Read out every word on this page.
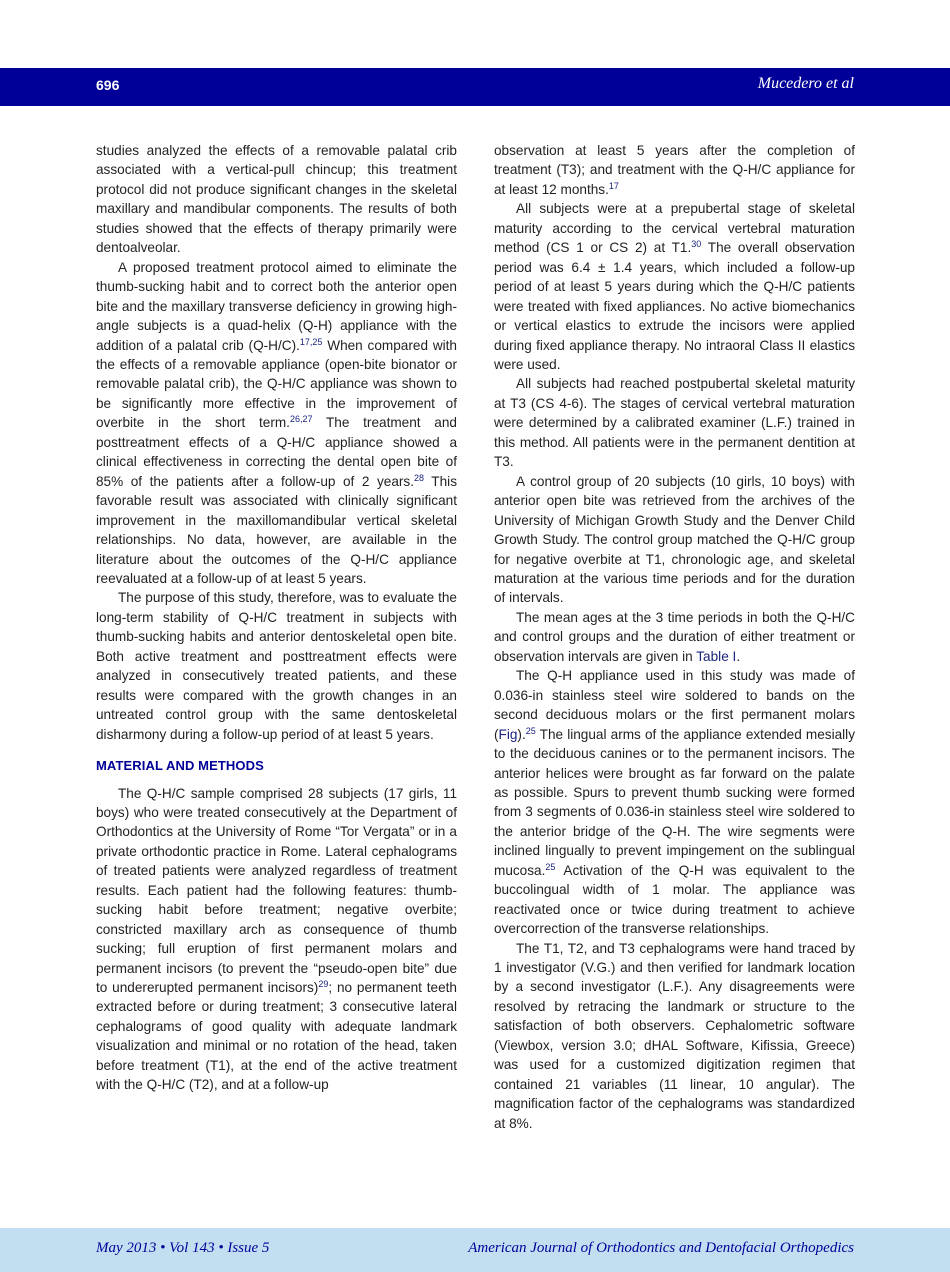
696	Mucedero et al

studies analyzed the effects of a removable palatal crib associated with a vertical-pull chincup; this treatment protocol did not produce significant changes in the skeletal maxillary and mandibular components. The results of both studies showed that the effects of therapy primarily were dentoalveolar.

A proposed treatment protocol aimed to eliminate the thumb-sucking habit and to correct both the anterior open bite and the maxillary transverse deficiency in growing high-angle subjects is a quad-helix (Q-H) appliance with the addition of a palatal crib (Q-H/C).$^{17,25}$ When compared with the effects of a removable appliance (open-bite bionator or removable palatal crib), the Q-H/C appliance was shown to be significantly more effective in the improvement of overbite in the short term.$^{26,27}$ The treatment and posttreatment effects of a Q-H/C appliance showed a clinical effectiveness in correcting the dental open bite of 85% of the patients after a follow-up of 2 years.$^{28}$ This favorable result was associated with clinically significant improvement in the maxillomandibular vertical skeletal relationships. No data, however, are available in the literature about the outcomes of the Q-H/C appliance reevaluated at a follow-up of at least 5 years.

The purpose of this study, therefore, was to evaluate the long-term stability of Q-H/C treatment in subjects with thumb-sucking habits and anterior dentoskeletal open bite. Both active treatment and posttreatment effects were analyzed in consecutively treated patients, and these results were compared with the growth changes in an untreated control group with the same dentoskeletal disharmony during a follow-up period of at least 5 years.

MATERIAL AND METHODS

The Q-H/C sample comprised 28 subjects (17 girls, 11 boys) who were treated consecutively at the Department of Orthodontics at the University of Rome “Tor Vergata” or in a private orthodontic practice in Rome. Lateral cephalograms of treated patients were analyzed regardless of treatment results. Each patient had the following features: thumb-sucking habit before treatment; negative overbite; constricted maxillary arch as consequence of thumb sucking; full eruption of first permanent molars and permanent incisors (to prevent the “pseudo-open bite” due to undererupted permanent incisors)$^{29}$; no permanent teeth extracted before or during treatment; 3 consecutive lateral cephalograms of good quality with adequate landmark visualization and minimal or no rotation of the head, taken before treatment (T1), at the end of the active treatment with the Q-H/C (T2), and at a follow-up

observation at least 5 years after the completion of treatment (T3); and treatment with the Q-H/C appliance for at least 12 months.$^{17}$

All subjects were at a prepubertal stage of skeletal maturity according to the cervical vertebral maturation method (CS 1 or CS 2) at T1.30 The overall observation period was 6.4 ± 1.4 years, which included a follow-up period of at least 5 years during which the Q-H/C patients were treated with fixed appliances. No active biomechanics or vertical elastics to extrude the incisors were applied during fixed appliance therapy. No intraoral Class II elastics were used.

All subjects had reached postpubertal skeletal maturity at T3 (CS 4-6). The stages of cervical vertebral maturation were determined by a calibrated examiner (L.F.) trained in this method. All patients were in the permanent dentition at T3.

A control group of 20 subjects (10 girls, 10 boys) with anterior open bite was retrieved from the archives of the University of Michigan Growth Study and the Denver Child Growth Study. The control group matched the Q-H/C group for negative overbite at T1, chronologic age, and skeletal maturation at the various time periods and for the duration of intervals.

The mean ages at the 3 time periods in both the Q-H/C and control groups and the duration of either treatment or observation intervals are given in Table I.

The Q-H appliance used in this study was made of 0.036-in stainless steel wire soldered to bands on the second deciduous molars or the first permanent molars (Fig).$^{25}$ The lingual arms of the appliance extended mesially to the deciduous canines or to the permanent incisors. The anterior helices were brought as far forward on the palate as possible. Spurs to prevent thumb sucking were formed from 3 segments of 0.036-in stainless steel wire soldered to the anterior bridge of the Q-H. The wire segments were inclined lingually to prevent impingement on the sublingual mucosa.$^{25}$ Activation of the Q-H was equivalent to the buccolingual width of 1 molar. The appliance was reactivated once or twice during treatment to achieve overcorrection of the transverse relationships.

The T1, T2, and T3 cephalograms were hand traced by 1 investigator (V.G.) and then verified for landmark location by a second investigator (L.F.). Any disagreements were resolved by retracing the landmark or structure to the satisfaction of both observers. Cephalometric software (Viewbox, version 3.0; dHAL Software, Kifissia, Greece) was used for a customized digitization regimen that contained 21 variables (11 linear, 10 angular). The magnification factor of the cephalograms was standardized at 8%.

May 2013 • Vol 143 • Issue 5	American Journal of Orthodontics and Dentofacial Orthopedics
